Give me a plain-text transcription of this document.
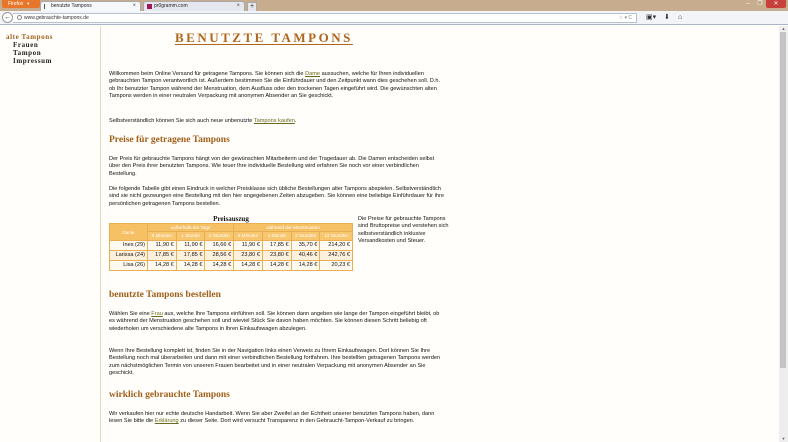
Firefox ▼	benutzte Tampons	×	pr0gramm.com	×	+	–	❐	✕
←	www.gebrauchte-tampons.de	☆ ▾ C ▣▾ ⬇ ⌂
alte Tampons
Frauen
Tampon
Impressum
BENUTZTE TAMPONS

Willkommen beim Online Versand für getragene Tampons. Sie können sich die Dame aussuchen, welche für Ihren individuellen gebrauchten Tampon verantwortlich ist. Außerdem bestimmen Sie die Einführdauer und den Zeitpunkt wann dies geschehen soll. D.h. ob Ihr benutzter Tampon während der Menstruation, dem Ausfluss oder den trockenen Tagen eingeführt wird. Die gewünschten alten Tampons werden in einer neutralen Verpackung mit anonymen Absender an Sie geschickt.

Selbstverständlich können Sie sich auch neue unbenutzte Tampons kaufen.

Preise für getragene Tampons

Der Preis für gebrauchte Tampons hängt von der gewünschten Mitarbeiterin und der Tragedauer ab. Die Damen entscheiden selbst über den Preis ihrer benutzten Tampons. Wie teuer Ihre individuelle Bestellung wird erfahren Sie noch vor einer verbindlichen Bestellung.

Die folgende Tabelle gibt einen Eindruck in welcher Preisklasse sich übliche Bestellungen alter Tampons abspielen. Selbstverständlich sind sie nicht gezwungen eine Bestellung mit den hier angegebenen Zeiten abzugeben. Sie können eine beliebige Einführdauer für ihre persönlichen getragenen Tampons bestellen.

Preisauszug
Dame	außerhalb der Tage			während der Menstruation			
	5 Minuten	1 Stunde	2 Stunden	5 Minuten	1 Stunde	2 Stunden	12 Stunden
Ines (29)	11,90 €	11,90 €	16,66 €	11,90 €	17,85 €	35,70 €	214,20 €
Larissa (24)	17,85 €	17,85 €	28,56 €	23,80 €	23,80 €	40,46 €	242,76 €
Lisa (26)	14,28 €	14,28 €	14,28 €	14,28 €	14,28 €	14,28 €	20,23 €
Die Preise für gebrauchte Tampons sind Bruttopreise und verstehen sich selbstverständlich inklusive Versandkosten und Steuer.
benutzte Tampons bestellen

Wählen Sie eine Frau aus, welche Ihre Tampons einführen soll. Sie können dann angeben wie lange der Tampon eingeführt bleibt, ob es während der Menstruation geschehen soll und wieviel Stück Sie davon haben möchten. Sie können diesen Schritt beliebig oft wiederholen um verschiedene alte Tampons in Ihren Einkaufswagen abzulegen.

Wenn Ihre Bestellung komplett ist, finden Sie in der Navigation links einen Verweis zu Ihrem Einkaufswagen. Dort können Sie Ihre Bestellung noch mal überarbeiten und dann mit einer verbindlichen Bestellung fortfahren. Ihre bestellten getragenen Tampons werden zum nächstmöglichen Termin von unseren Frauen bearbeitet und in einer neutralen Verpackung mit anonymen Absender an Sie geschickt.

wirklich gebrauchte Tampons

Wir verkaufen hier nur echte deutsche Handarbeit. Wenn Sie aber Zweifel an der Echtheit unserer benutzten Tampons haben, dann lesen Sie bitte die Erklärung zu dieser Seite. Dort wird versucht Transparenz in den Gebraucht-Tampon-Verkauf zu bringen.

▲
▼
